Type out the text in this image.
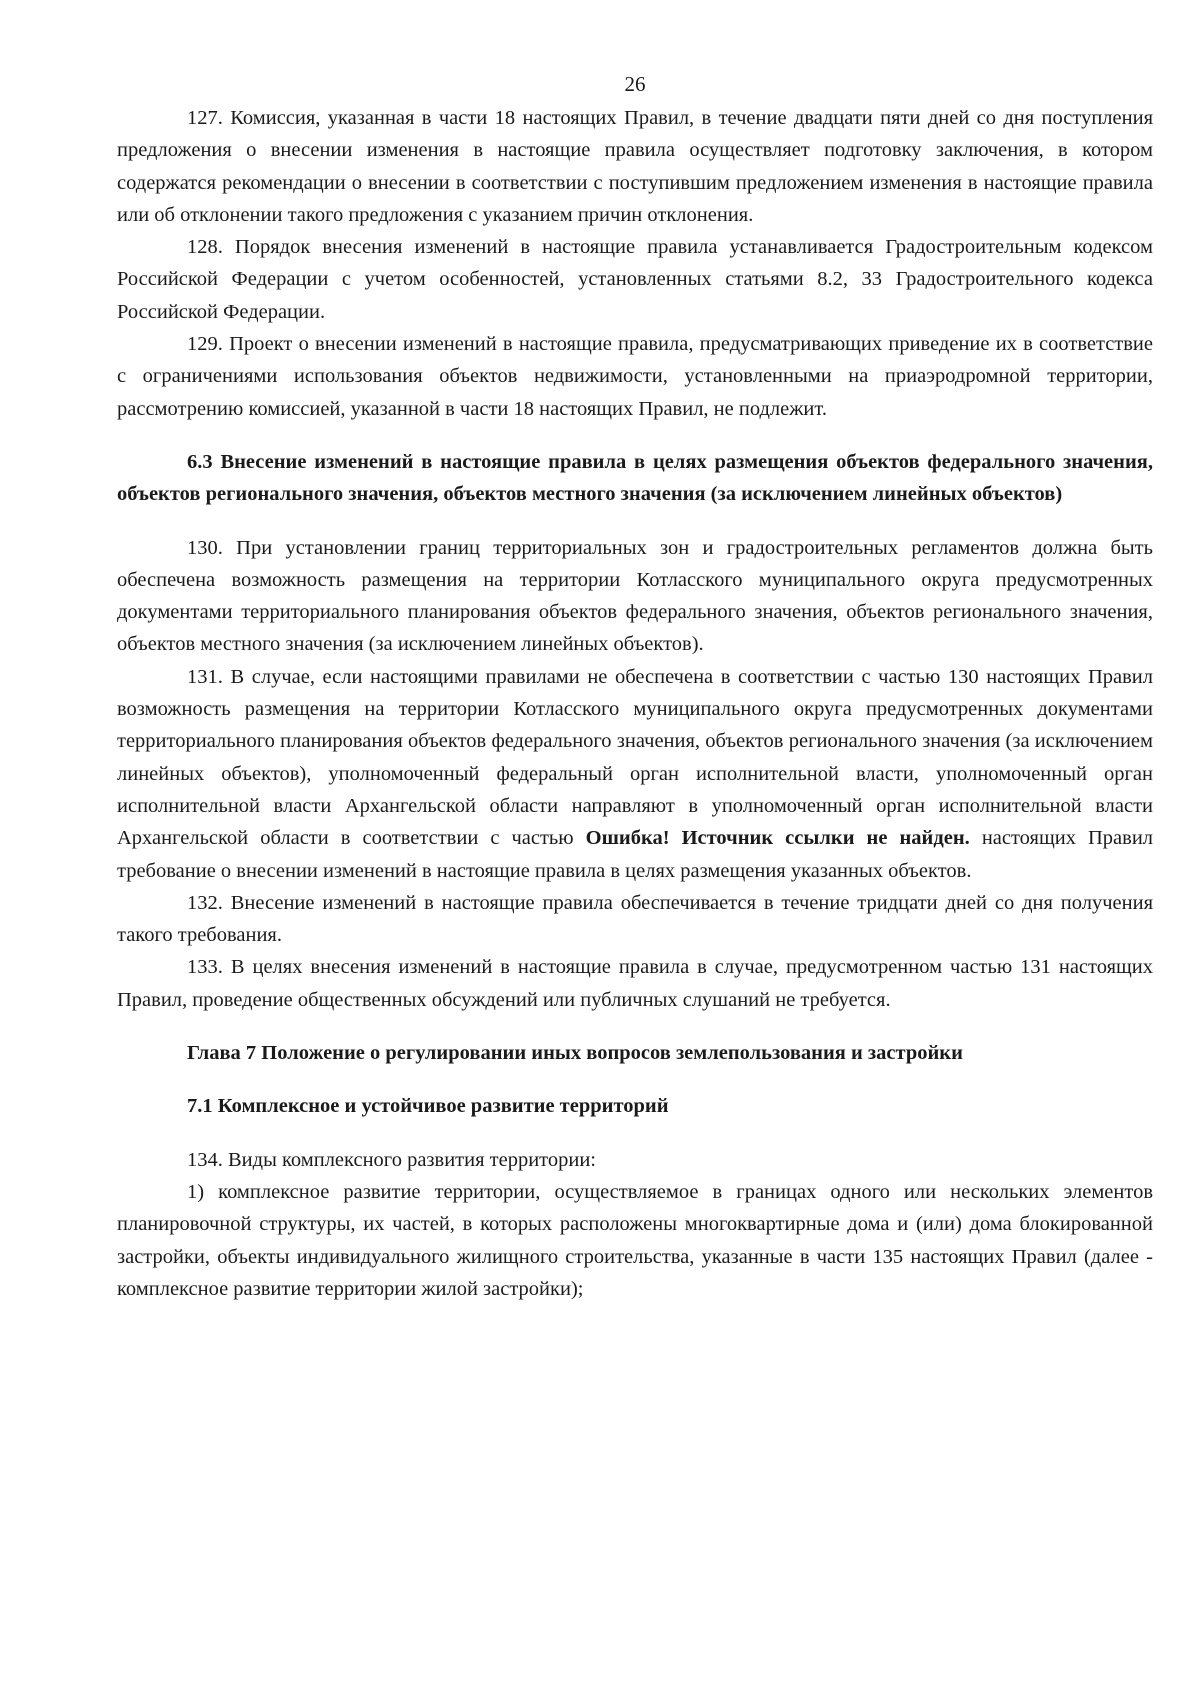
26

127. Комиссия, указанная в части 18 настоящих Правил, в течение двадцати пяти дней со дня поступления предложения о внесении изменения в настоящие правила осуществляет подготовку заключения, в котором содержатся рекомендации о внесении в соответствии с поступившим предложением изменения в настоящие правила или об отклонении такого предложения с указанием причин отклонения.

128. Порядок внесения изменений в настоящие правила устанавливается Градостроительным кодексом Российской Федерации с учетом особенностей, установленных статьями 8.2, 33 Градостроительного кодекса Российской Федерации.

129. Проект о внесении изменений в настоящие правила, предусматривающих приведение их в соответствие с ограничениями использования объектов недвижимости, установленными на приаэродромной территории, рассмотрению комиссией, указанной в части 18 настоящих Правил, не подлежит.

6.3 Внесение изменений в настоящие правила в целях размещения объектов федерального значения, объектов регионального значения, объектов местного значения (за исключением линейных объектов)

130. При установлении границ территориальных зон и градостроительных регламентов должна быть обеспечена возможность размещения на территории Котласского муниципального округа предусмотренных документами территориального планирования объектов федерального значения, объектов регионального значения, объектов местного значения (за исключением линейных объектов).

131. В случае, если настоящими правилами не обеспечена в соответствии с частью 130 настоящих Правил возможность размещения на территории Котласского муниципального округа предусмотренных документами территориального планирования объектов федерального значения, объектов регионального значения (за исключением линейных объектов), уполномоченный федеральный орган исполнительной власти, уполномоченный орган исполнительной власти Архангельской области направляют в уполномоченный орган исполнительной власти Архангельской области в соответствии с частью Ошибка! Источник ссылки не найден. настоящих Правил требование о внесении изменений в настоящие правила в целях размещения указанных объектов.

132. Внесение изменений в настоящие правила обеспечивается в течение тридцати дней со дня получения такого требования.

133. В целях внесения изменений в настоящие правила в случае, предусмотренном частью 131 настоящих Правил, проведение общественных обсуждений или публичных слушаний не требуется.

Глава 7 Положение о регулировании иных вопросов землепользования и застройки
7.1 Комплексное и устойчивое развитие территорий

134. Виды комплексного развития территории:

1) комплексное развитие территории, осуществляемое в границах одного или нескольких элементов планировочной структуры, их частей, в которых расположены многоквартирные дома и (или) дома блокированной застройки, объекты индивидуального жилищного строительства, указанные в части 135 настоящих Правил (далее - комплексное развитие территории жилой застройки);
